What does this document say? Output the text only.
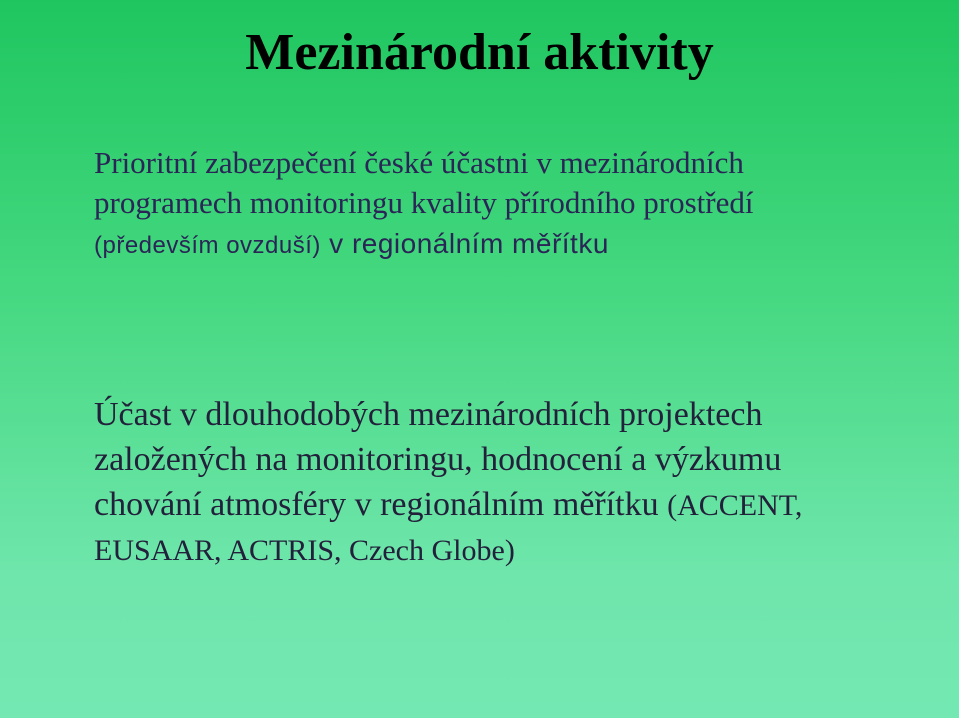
Mezinárodní aktivity
Prioritní zabezpečení české účastni v mezinárodních
programech monitoringu kvality přírodního prostředí
(především ovzduší) v regionálním měřítku
Účast v dlouhodobých mezinárodních projektech
založených na monitoringu, hodnocení a výzkumu
chování atmosféry v regionálním měřítku (ACCENT,
EUSAAR, ACTRIS, Czech Globe)
